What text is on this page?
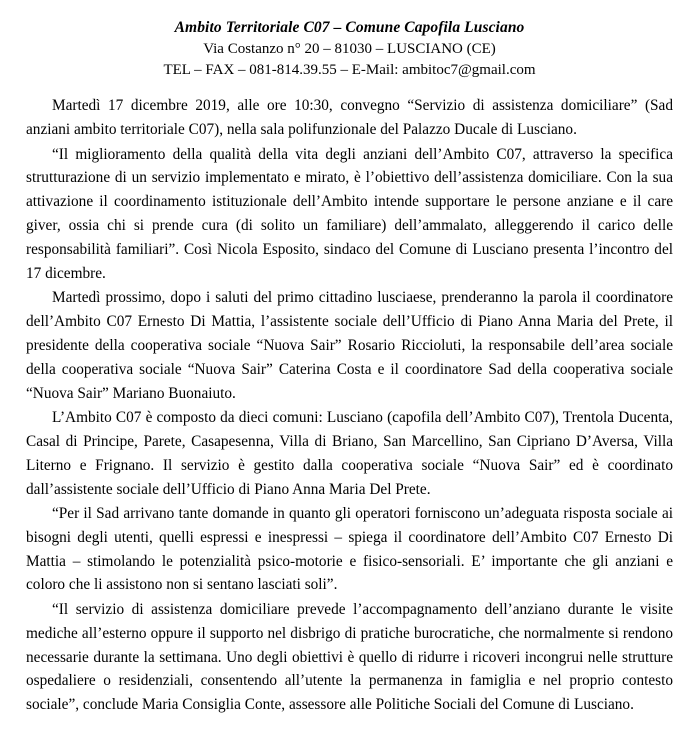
Ambito Territoriale C07 – Comune Capofila Lusciano
Via Costanzo n° 20 – 81030 – LUSCIANO (CE)
TEL – FAX – 081-814.39.55 – E-Mail: ambitoc7@gmail.com

Martedì 17 dicembre 2019, alle ore 10:30, convegno “Servizio di assistenza domiciliare” (Sad anziani ambito territoriale C07), nella sala polifunzionale del Palazzo Ducale di Lusciano.

“Il miglioramento della qualità della vita degli anziani dell’Ambito C07, attraverso la specifica strutturazione di un servizio implementato e mirato, è l’obiettivo dell’assistenza domiciliare. Con la sua attivazione il coordinamento istituzionale dell’Ambito intende supportare le persone anziane e il care giver, ossia chi si prende cura (di solito un familiare) dell’ammalato, alleggerendo il carico delle responsabilità familiari”. Così Nicola Esposito, sindaco del Comune di Lusciano presenta l’incontro del 17 dicembre.

Martedì prossimo, dopo i saluti del primo cittadino lusciaese, prenderanno la parola il coordinatore dell’Ambito C07 Ernesto Di Mattia, l’assistente sociale dell’Ufficio di Piano Anna Maria del Prete, il presidente della cooperativa sociale “Nuova Sair” Rosario Riccioluti, la responsabile dell’area sociale della cooperativa sociale “Nuova Sair” Caterina Costa e il coordinatore Sad della cooperativa sociale “Nuova Sair” Mariano Buonaiuto.

L’Ambito C07 è composto da dieci comuni: Lusciano (capofila dell’Ambito C07), Trentola Ducenta, Casal di Principe, Parete, Casapesenna, Villa di Briano, San Marcellino, San Cipriano D’Aversa, Villa Literno e Frignano. Il servizio è gestito dalla cooperativa sociale “Nuova Sair” ed è coordinato dall’assistente sociale dell’Ufficio di Piano Anna Maria Del Prete.

“Per il Sad arrivano tante domande in quanto gli operatori forniscono un’adeguata risposta sociale ai bisogni degli utenti, quelli espressi e inespressi – spiega il coordinatore dell’Ambito C07 Ernesto Di Mattia – stimolando le potenzialità psico-motorie e fisico-sensoriali. E’ importante che gli anziani e coloro che li assistono non si sentano lasciati soli”.

“Il servizio di assistenza domiciliare prevede l’accompagnamento dell’anziano durante le visite mediche all’esterno oppure il supporto nel disbrigo di pratiche burocratiche, che normalmente si rendono necessarie durante la settimana. Uno degli obiettivi è quello di ridurre i ricoveri incongrui nelle strutture ospedaliere o residenziali, consentendo all’utente la permanenza in famiglia e nel proprio contesto sociale”, conclude Maria Consiglia Conte, assessore alle Politiche Sociali del Comune di Lusciano.
